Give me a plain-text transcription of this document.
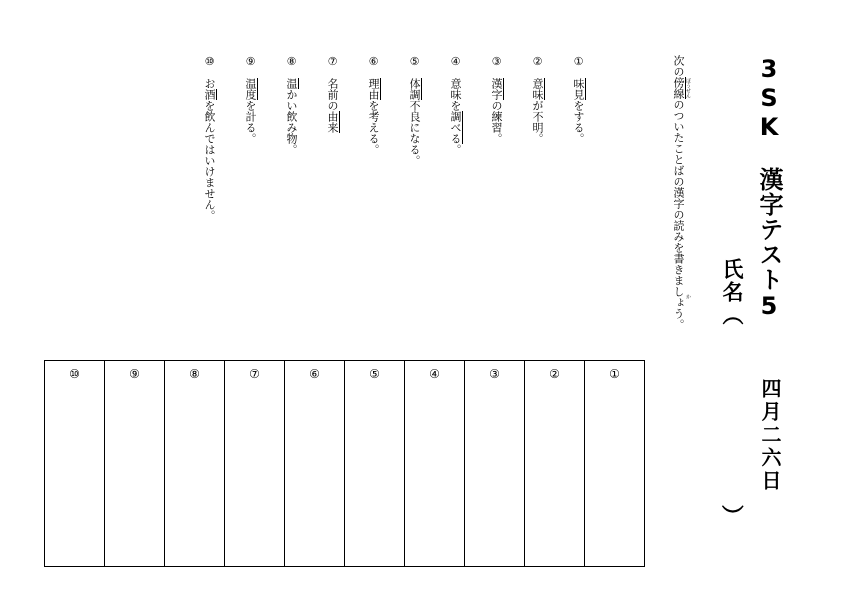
3SK　漢字テスト5
四月二六日
氏名（
）
次の傍線のついたことばの漢字の読みを書きましょう。
ぼうせん
か
①味見をする。
②意味が不明。
③漢字の練習。
④意味を調べる。
⑤体調不良になる。
⑥理由を考える。
⑦名前の由来
⑧温かい飲み物。
⑨温度を計る。
⑩お酒を飲んではいけません。
⑩	⑨	⑧	⑦	⑥	⑤	④	③	②	①
